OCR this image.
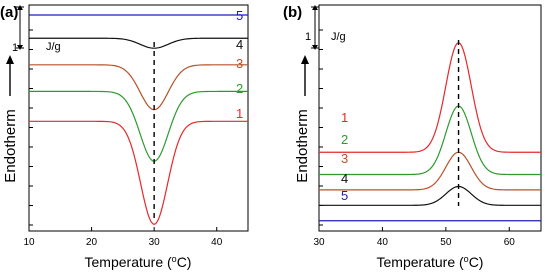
(a)
10	20	30	40
5
4
3
2
1
1	J/g
Endotherm
Temperature ($^o$C)
(b)
30	40	50	60
5
4
3
2
1
1 J/g
Endotherm
Temperature ($^o$C)
